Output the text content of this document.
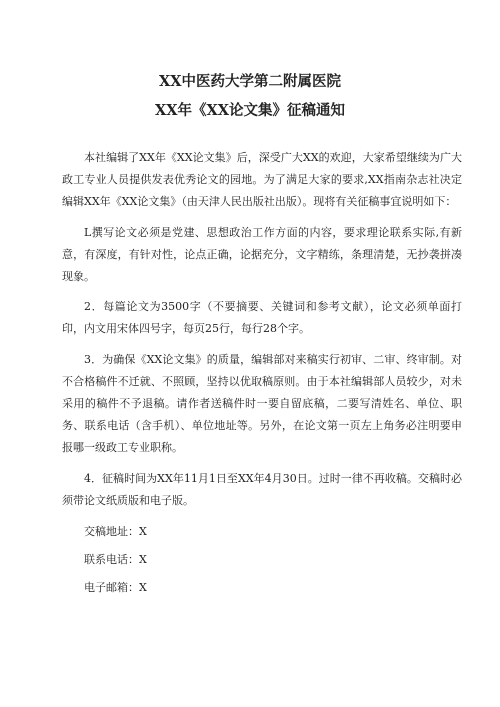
XX中医药大学第二附属医院
XX年《XX论文集》征稿通知

本社编辑了XX年《XX论文集》后，深受广大XX的欢迎，大家希望继续为广大政工专业人员提供发表优秀论文的园地。为了满足大家的要求,XX指南杂志社决定编辑XX年《XX论文集》（由天津人民出版社出版）。现将有关征稿事宜说明如下：

L撰写论文必须是党建、思想政治工作方面的内容，要求理论联系实际,有新意，有深度，有针对性，论点正确，论据充分，文字精练，条理清楚，无抄袭拼凑现象。

2．每篇论文为3500字（不要摘要、关键词和参考文献），论文必须单面打印，内文用宋体四号字，每页25行，每行28个字。

3．为确保《XX论文集》的质量，编辑部对来稿实行初审、二审、终审制。对不合格稿件不迁就、不照顾，坚持以优取稿原则。由于本社编辑部人员较少，对未采用的稿件不予退稿。请作者送稿件时一要自留底稿，二要写清姓名、单位、职务、联系电话（含手机）、单位地址等。另外，在论文第一页左上角务必注明要申报哪一级政工专业职称。

4．征稿时间为XX年11月1日至XX年4月30日。过时一律不再收稿。交稿时必须带论文纸质版和电子版。

交稿地址：X

联系电话：X

电子邮箱：X
